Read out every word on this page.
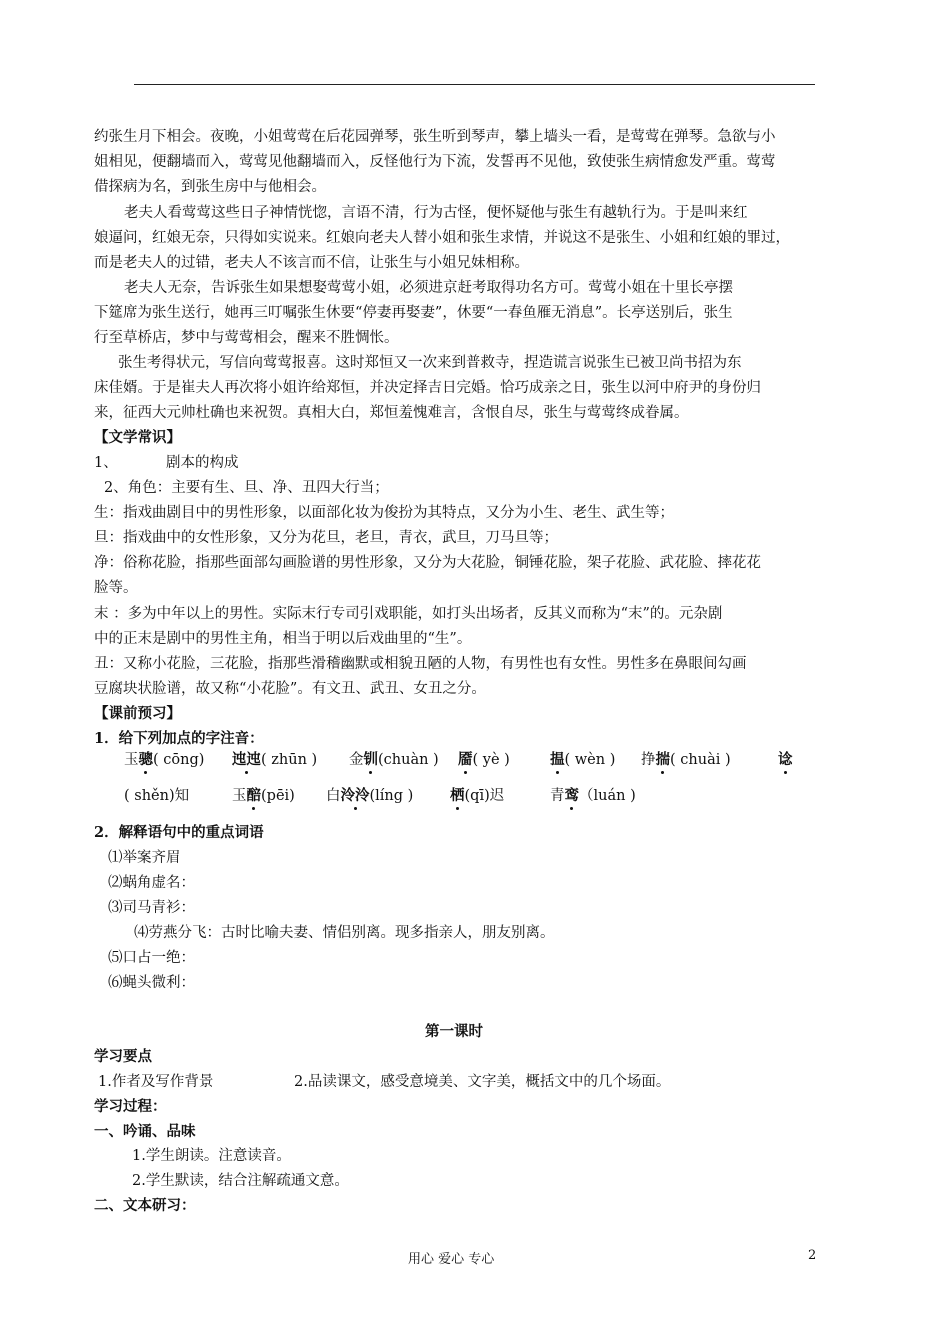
约张生月下相会。夜晚，小姐莺莺在后花园弹琴，张生听到琴声，攀上墙头一看，是莺莺在弹琴。急欲与小
姐相见，便翻墙而入，莺莺见他翻墙而入，反怪他行为下流，发誓再不见他，致使张生病情愈发严重。莺莺
借探病为名，到张生房中与他相会。
老夫人看莺莺这些日子神情恍惚，言语不清，行为古怪，便怀疑他与张生有越轨行为。于是叫来红
娘逼问，红娘无奈，只得如实说来。红娘向老夫人替小姐和张生求情，并说这不是张生、小姐和红娘的罪过，
而是老夫人的过错，老夫人不该言而不信，让张生与小姐兄妹相称。
老夫人无奈，告诉张生如果想娶莺莺小姐，必须进京赶考取得功名方可。莺莺小姐在十里长亭摆
下筵席为张生送行，她再三叮嘱张生休要“停妻再娶妻”，休要“一春鱼雁无消息”。长亭送别后，张生
行至草桥店，梦中与莺莺相会，醒来不胜惆怅。
张生考得状元，写信向莺莺报喜。这时郑恒又一次来到普救寺，捏造谎言说张生已被卫尚书招为东
床佳婿。于是崔夫人再次将小姐许给郑恒，并决定择吉日完婚。恰巧成亲之日，张生以河中府尹的身份归
来，征西大元帅杜确也来祝贺。真相大白，郑恒羞愧难言，含恨自尽，张生与莺莺终成眷属。
【文学常识】
1、	剧本的构成
2、角色：主要有生、旦、净、丑四大行当；
生：指戏曲剧目中的男性形象，以面部化妆为俊扮为其特点，又分为小生、老生、武生等；
旦：指戏曲中的女性形象，又分为花旦，老旦，青衣，武旦，刀马旦等；
净：俗称花脸，指那些面部勾画脸谱的男性形象，又分为大花脸，铜锤花脸，架子花脸、武花脸、摔花花
脸等。
末 ：多为中年以上的男性。实际末行专司引戏职能，如打头出场者，反其义而称为“末”的。元杂剧
中的正末是剧中的男性主角，相当于明以后戏曲里的“生”。
丑：又称小花脸，三花脸，指那些滑稽幽默或相貌丑陋的人物，有男性也有女性。男性多在鼻眼间勾画
豆腐块状脸谱，故又称“小花脸”。有文丑、武丑、女丑之分。
【课前预习】
1．给下列加点的字注音：
玉骢( cōng) 迍迍( zhūn ) 金钏(chuàn ) 靥( yè )	揾( wèn ) 挣揣( chuài )	谂
( shěn)知	玉醅(pēi) 白泠泠(líng )	栖(qī)迟	青鸾（luán )
2．解释语句中的重点词语
⑴举案齐眉
⑵蜗角虚名：
⑶司马青衫：
⑷劳燕分飞：古时比喻夫妻、情侣别离。现多指亲人，朋友别离。
⑸口占一绝：
⑹蝇头微利：
第一课时
学习要点
1.作者及写作背景	2.品读课文，感受意境美、文字美，概括文中的几个场面。
学习过程：
一、吟诵、品味
1.学生朗读。注意读音。
2.学生默读，结合注解疏通文意。
二、文本研习：
用心 爱心 专心	2
